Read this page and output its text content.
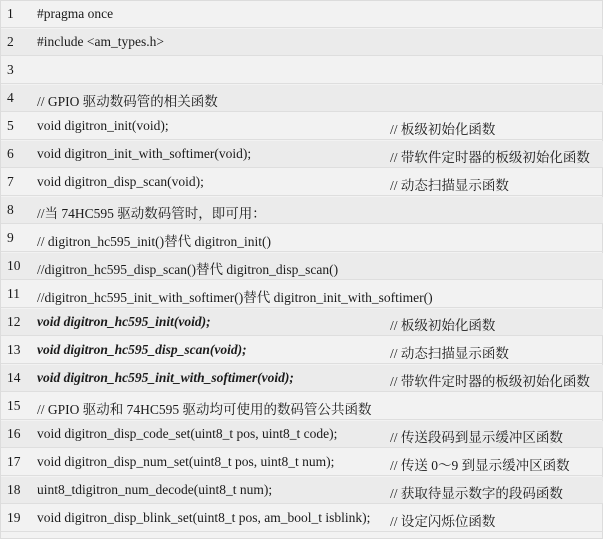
1 #pragma once
2 #include <am_types.h>
3
4 // GPIO 驱动数码管的相关函数
5 void digitron_init(void);	// 板级初始化函数
6 void digitron_init_with_softimer(void);	// 带软件定时器的板级初始化函数
7 void digitron_disp_scan(void);	// 动态扫描显示函数
8 //当 74HC595 驱动数码管时，即可用：
9 // digitron_hc595_init()替代 digitron_init()
10 //digitron_hc595_disp_scan()替代 digitron_disp_scan()
11 //digitron_hc595_init_with_softimer()替代 digitron_init_with_softimer()
12 void digitron_hc595_init(void);	// 板级初始化函数
13 void digitron_hc595_disp_scan(void);	// 动态扫描显示函数
14 void digitron_hc595_init_with_softimer(void);	// 带软件定时器的板级初始化函数
15 // GPIO 驱动和 74HC595 驱动均可使用的数码管公共函数
16 void digitron_disp_code_set(uint8_t pos, uint8_t code);	// 传送段码到显示缓冲区函数
17 void digitron_disp_num_set(uint8_t pos, uint8_t num);	// 传送 0～9 到显示缓冲区函数
18 uint8_tdigitron_num_decode(uint8_t num);	// 获取待显示数字的段码函数
19 void digitron_disp_blink_set(uint8_t pos, am_bool_t isblink); // 设定闪烁位函数
